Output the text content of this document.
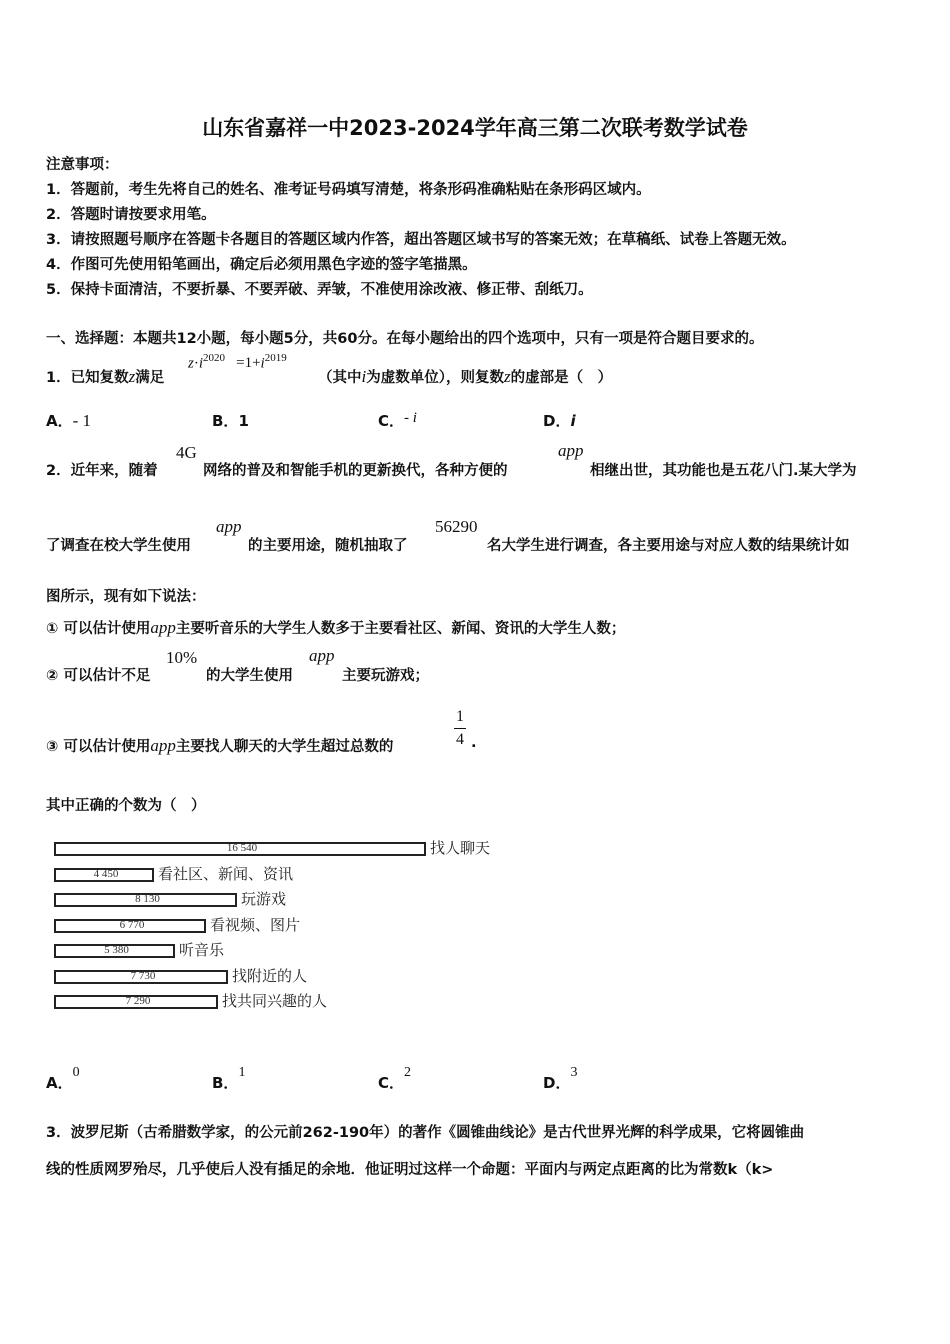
山东省嘉祥一中2023-2024学年高三第二次联考数学试卷
注意事项：
1．答题前，考生先将自己的姓名、准考证号码填写清楚，将条形码准确粘贴在条形码区域内。
2．答题时请按要求用笔。
3．请按照题号顺序在答题卡各题目的答题区域内作答，超出答题区域书写的答案无效；在草稿纸、试卷上答题无效。
4．作图可先使用铅笔画出，确定后必须用黑色字迹的签字笔描黑。
5．保持卡面清洁，不要折暴、不要弄破、弄皱，不准使用涂改液、修正带、刮纸刀。
一、选择题：本题共12小题，每小题5分，共60分。在每小题给出的四个选项中，只有一项是符合题目要求的。
1．已知复数z满足
$z\cdot i^{2020} =1+i^{2019}$
（其中i为虚数单位），则复数z的虚部是（　）
A．- 1	B．1	C．- i	D．i
2．近年来，随着
4G
网络的普及和智能手机的更新换代，各种方便的
app
相继出世，其功能也是五花八门.某大学为
了调查在校大学生使用
app
的主要用途，随机抽取了
56290
名大学生进行调查，各主要用途与对应人数的结果统计如
图所示，现有如下说法：
① 可以估计使用app主要听音乐的大学生人数多于主要看社区、新闻、资讯的大学生人数；
② 可以估计不足
10%
的大学生使用
app
主要玩游戏；
③ 可以估计使用app主要找人聊天的大学生超过总数的	$\frac{1}{4}$ .
其中正确的个数为（　）
16 540	找人聊天
4 450	看社区、新闻、资讯
8 130	玩游戏
6 770	看视频、图片
5 380	听音乐
7 730	找附近的人
7 290	找共同兴趣的人
A．0
B．1
C．2
D．3
3．波罗尼斯（古希腊数学家，的公元前262-190年）的著作《圆锥曲线论》是古代世界光辉的科学成果，它将圆锥曲
线的性质网罗殆尽，几乎使后人没有插足的余地．他证明过这样一个命题：平面内与两定点距离的比为常数k（k>
